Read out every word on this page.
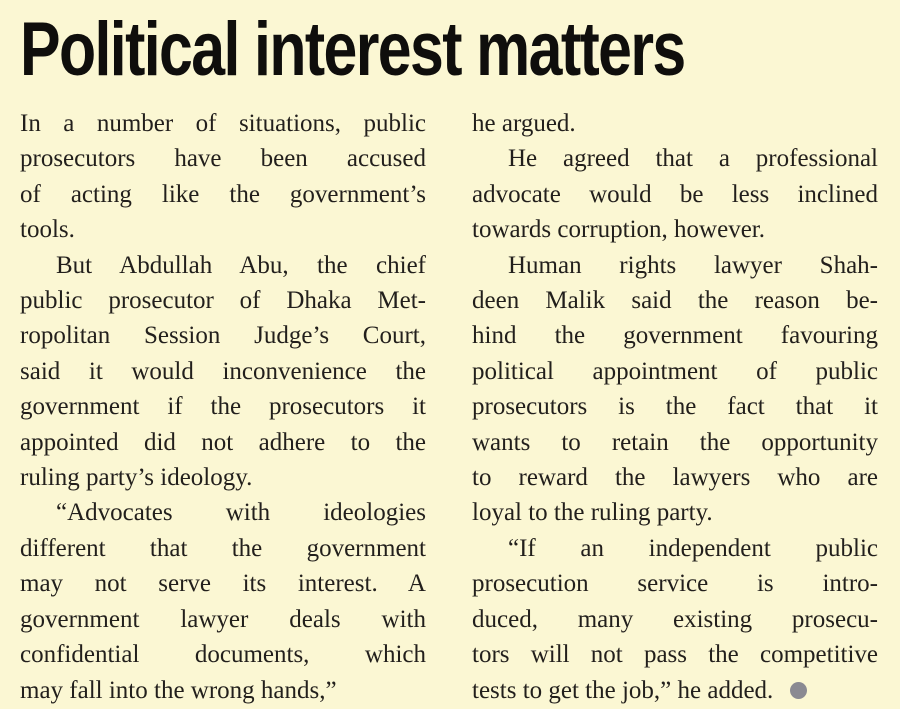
Political interest matters
In a number of situations, public
prosecutors have been accused
of acting like the government’s
tools.
But Abdullah Abu, the chief
public prosecutor of Dhaka Met-
ropolitan Session Judge’s Court,
said it would inconvenience the
government if the prosecutors it
appointed did not adhere to the
ruling party’s ideology.
“Advocates with ideologies
different that the government
may not serve its interest. A
government lawyer deals with
confidential documents, which
may fall into the wrong hands,”
he argued.
He agreed that a professional
advocate would be less inclined
towards corruption, however.
Human rights lawyer Shah-
deen Malik said the reason be-
hind the government favouring
political appointment of public
prosecutors is the fact that it
wants to retain the opportunity
to reward the lawyers who are
loyal to the ruling party.
“If an independent public
prosecution service is intro-
duced, many existing prosecu-
tors will not pass the competitive
tests to get the job,” he added.
